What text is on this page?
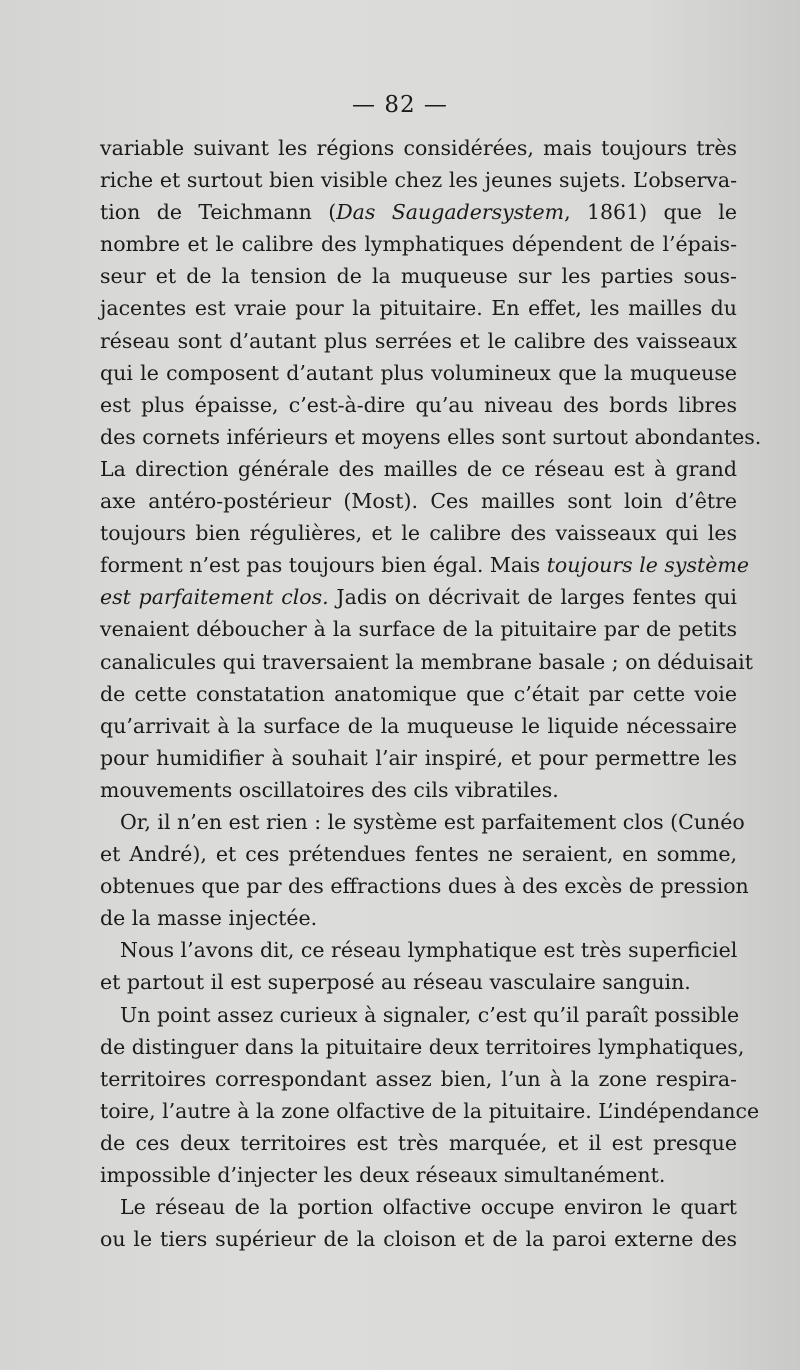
— 82 —
variable suivant les régions considérées, mais toujours très
riche et surtout bien visible chez les jeunes sujets. L’observa-
tion de Teichmann (Das Saugadersystem, 1861) que le
nombre et le calibre des lymphatiques dépendent de l’épais-
seur et de la tension de la muqueuse sur les parties sous-
jacentes est vraie pour la pituitaire. En effet, les mailles du
réseau sont d’autant plus serrées et le calibre des vaisseaux
qui le composent d’autant plus volumineux que la muqueuse
est plus épaisse, c’est-à-dire qu’au niveau des bords libres
des cornets inférieurs et moyens elles sont surtout abondantes.
La direction générale des mailles de ce réseau est à grand
axe antéro-postérieur (Most). Ces mailles sont loin d’être
toujours bien régulières, et le calibre des vaisseaux qui les
forment n’est pas toujours bien égal. Mais toujours le système
est parfaitement clos. Jadis on décrivait de larges fentes qui
venaient déboucher à la surface de la pituitaire par de petits
canalicules qui traversaient la membrane basale ; on déduisait
de cette constatation anatomique que c’était par cette voie
qu’arrivait à la surface de la muqueuse le liquide nécessaire
pour humidifier à souhait l’air inspiré, et pour permettre les
mouvements oscillatoires des cils vibratiles.
Or, il n’en est rien : le système est parfaitement clos (Cunéo
et André), et ces prétendues fentes ne seraient, en somme,
obtenues que par des effractions dues à des excès de pression
de la masse injectée.
Nous l’avons dit, ce réseau lymphatique est très superficiel
et partout il est superposé au réseau vasculaire sanguin.
Un point assez curieux à signaler, c’est qu’il paraît possible
de distinguer dans la pituitaire deux territoires lymphatiques,
territoires correspondant assez bien, l’un à la zone respira-
toire, l’autre à la zone olfactive de la pituitaire. L’indépendance
de ces deux territoires est très marquée, et il est presque
impossible d’injecter les deux réseaux simultanément.
Le réseau de la portion olfactive occupe environ le quart
ou le tiers supérieur de la cloison et de la paroi externe des
